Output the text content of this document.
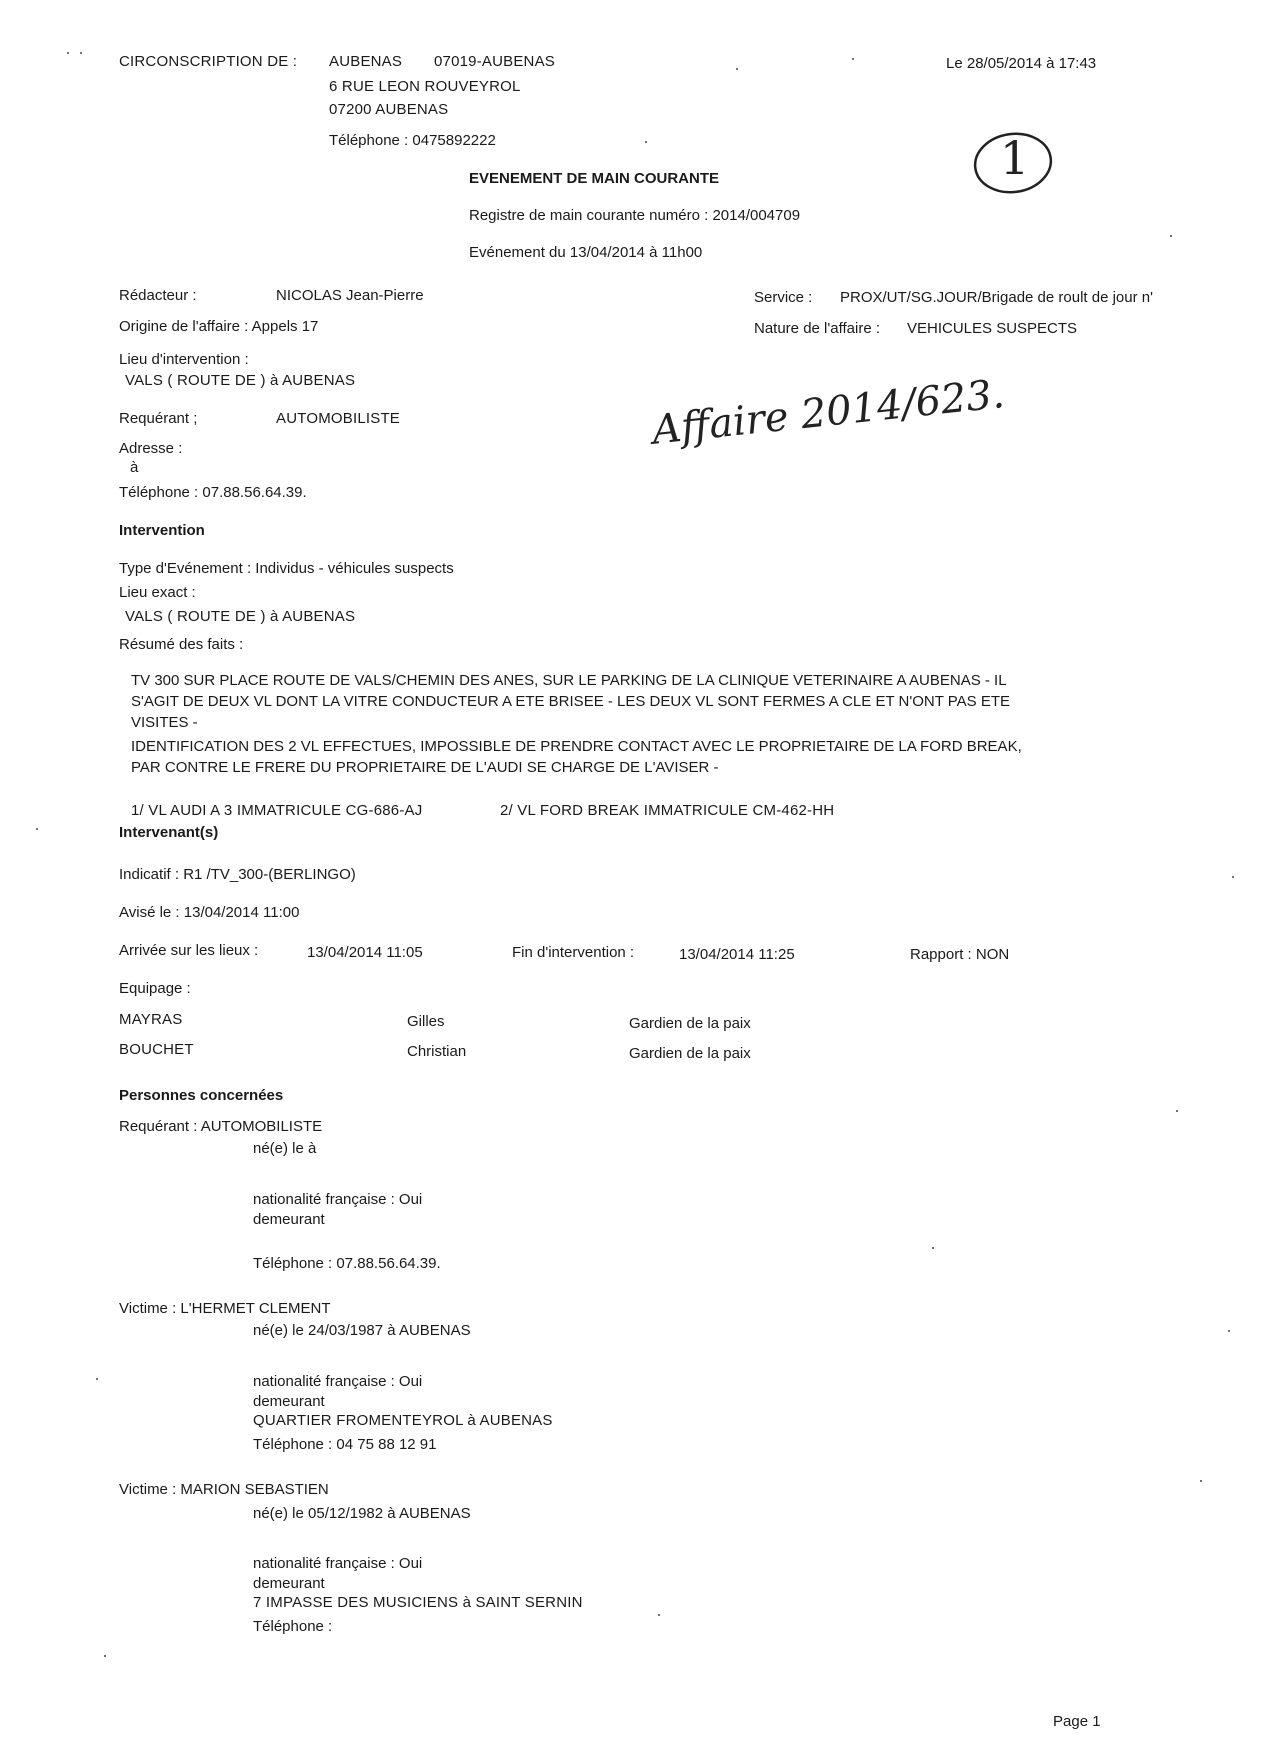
CIRCONSCRIPTION DE : AUBENAS 07019-AUBENAS
6 RUE LEON ROUVEYROL
07200 AUBENAS
Téléphone : 0475892222
Le 28/05/2014 à 17:43
EVENEMENT DE MAIN COURANTE
Registre de main courante numéro : 2014/004709
Evénement du 13/04/2014 à 11h00
1
Rédacteur :	NICOLAS Jean-Pierre	Service : PROX/UT/SG.JOUR/Brigade de roult de jour n'
Origine de l'affaire : Appels 17	Nature de l'affaire : VEHICULES SUSPECTS
Lieu d'intervention :
VALS ( ROUTE DE ) à AUBENAS
Requérant ;	AUTOMOBILISTE
Adresse :
à
Téléphone : 07.88.56.64.39.
Affaire 2014/623.
Intervention
Type d'Evénement : Individus - véhicules suspects
Lieu exact :
VALS ( ROUTE DE ) à AUBENAS
Résumé des faits :
TV 300 SUR PLACE ROUTE DE VALS/CHEMIN DES ANES, SUR LE PARKING DE LA CLINIQUE VETERINAIRE A AUBENAS - IL
S'AGIT DE DEUX VL DONT LA VITRE CONDUCTEUR A ETE BRISEE - LES DEUX VL SONT FERMES A CLE ET N'ONT PAS ETE
VISITES -
IDENTIFICATION DES 2 VL EFFECTUES, IMPOSSIBLE DE PRENDRE CONTACT AVEC LE PROPRIETAIRE DE LA FORD BREAK,
PAR CONTRE LE FRERE DU PROPRIETAIRE DE L'AUDI SE CHARGE DE L'AVISER -
1/ VL AUDI A 3 IMMATRICULE CG-686-AJ	2/ VL FORD BREAK IMMATRICULE CM-462-HH
Intervenant(s)
Indicatif : R1 /TV_300-(BERLINGO)
Avisé le : 13/04/2014 11:00
Arrivée sur les lieux :	13/04/2014 11:05	Fin d'intervention :	13/04/2014 11:25	Rapport : NON
Equipage :
MAYRAS	Gilles	Gardien de la paix
BOUCHET	Christian	Gardien de la paix
Personnes concernées
Requérant : AUTOMOBILISTE
né(e) le à
nationalité française : Oui
demeurant
Téléphone : 07.88.56.64.39.
Victime : L'HERMET CLEMENT
né(e) le 24/03/1987 à AUBENAS
nationalité française : Oui
demeurant
QUARTIER FROMENTEYROL à AUBENAS
Téléphone : 04 75 88 12 91
Victime : MARION SEBASTIEN
né(e) le 05/12/1982 à AUBENAS
nationalité française : Oui
demeurant
7 IMPASSE DES MUSICIENS à SAINT SERNIN
Téléphone :
Page 1
